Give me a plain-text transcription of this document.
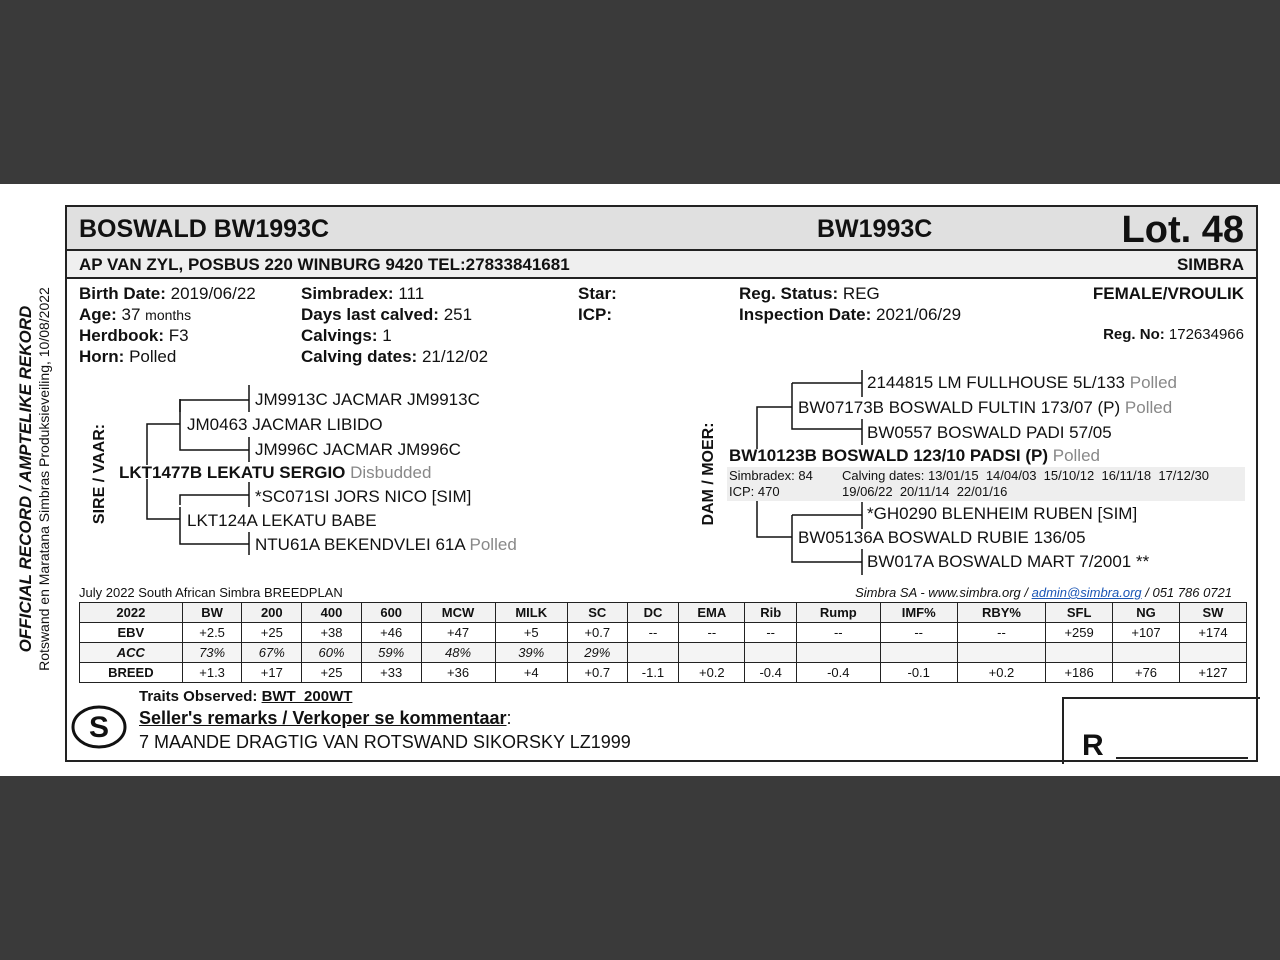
OFFICIAL RECORD / AMPTELIKE REKORD Rotswand en Maratana Simbras Produksieveiling, 10/08/2022
BOSWALD BW1993C	BW1993C	Lot. 48
AP VAN ZYL, POSBUS 220 WINBURG 9420 TEL:27833841681	SIMBRA
Birth Date: 2019/06/22
Age: 37 months
Herdbook: F3
Horn: Polled
Simbradex: 111
Days last calved: 251
Calvings: 1
Calving dates: 21/12/02
Star:
ICP:
Reg. Status: REG
Inspection Date: 2021/06/29
FEMALE/VROULIK
Reg. No: 172634966
SIRE / VAAR:
JM9913C JACMAR JM9913C
JM0463 JACMAR LIBIDO
JM996C JACMAR JM996C
LKT1477B LEKATU SERGIO Disbudded
*SC071SI JORS NICO [SIM]
LKT124A LEKATU BABE
NTU61A BEKENDVLEI 61A Polled
DAM / MOER:
2144815 LM FULLHOUSE 5L/133 Polled
BW07173B BOSWALD FULTIN 173/07 (P) Polled
BW0557 BOSWALD PADI 57/05
BW10123B BOSWALD 123/10 PADSI (P) Polled
Simbradex: 84
ICP: 470
Calving dates: 13/01/15  14/04/03  15/10/12  16/11/18  17/12/30
19/06/22  20/11/14  22/01/16
*GH0290 BLENHEIM RUBEN [SIM]
BW05136A BOSWALD RUBIE 136/05
BW017A BOSWALD MART 7/2001 **
July 2022 South African Simbra BREEDPLAN	Simbra SA - www.simbra.org / admin@simbra.org / 051 786 0721
2022	BW	200	400	600	MCW	MILK	SC	DC	EMA	Rib	Rump	IMF%	RBY%	SFL	NG	SW
EBV	+2.5	+25	+38	+46	+47	+5	+0.7	--	--	--	--	--	--	+259	+107	+174
ACC	73%	67%	60%	59%	48%	39%	29%									
BREED	+1.3	+17	+25	+33	+36	+4	+0.7	-1.1	+0.2	-0.4	-0.4	-0.1	+0.2	+186	+76	+127
S
Traits Observed: BWT  200WT
Seller's remarks / Verkoper se kommentaar:
7 MAANDE DRAGTIG VAN ROTSWAND SIKORSKY LZ1999	R
